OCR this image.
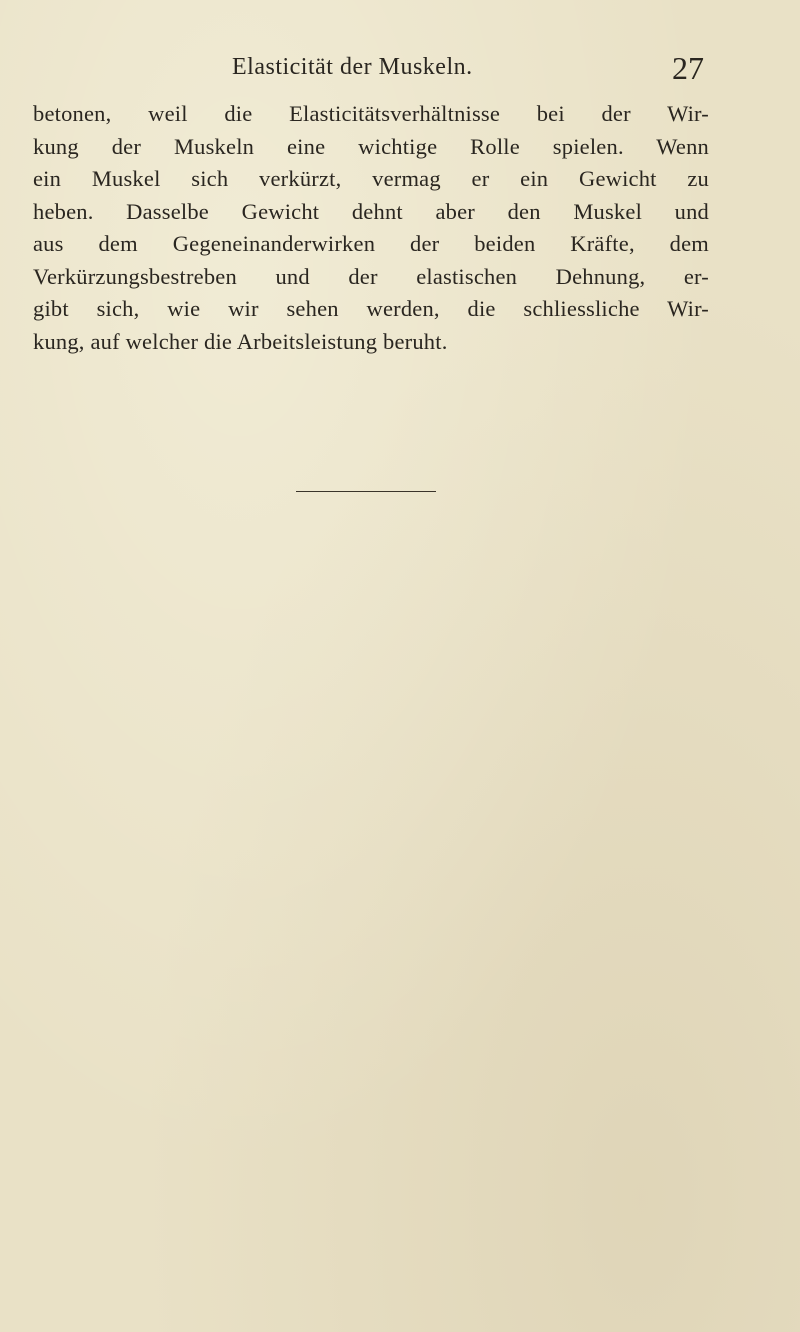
Elasticität der Muskeln.	27
betonen, weil die Elasticitätsverhältnisse bei der Wir-
kung der Muskeln eine wichtige Rolle spielen. Wenn
ein Muskel sich verkürzt, vermag er ein Gewicht zu
heben. Dasselbe Gewicht dehnt aber den Muskel und
aus dem Gegeneinanderwirken der beiden Kräfte, dem
Verkürzungsbestreben und der elastischen Dehnung, er-
gibt sich, wie wir sehen werden, die schliessliche Wir-
kung, auf welcher die Arbeitsleistung beruht.
